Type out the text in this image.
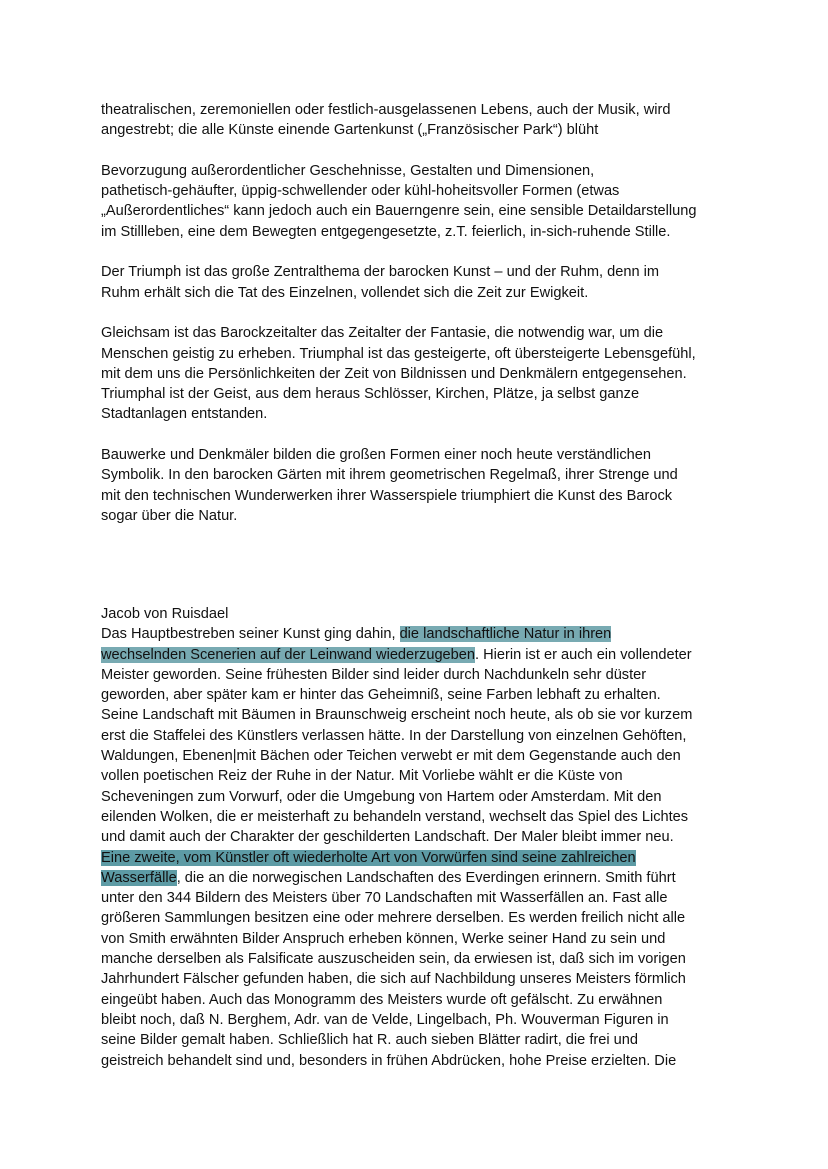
theatralischen, zeremoniellen oder festlich-ausgelassenen Lebens, auch der Musik, wird
angestrebt; die alle Künste einende Gartenkunst („Französischer Park“) blüht
Bevorzugung außerordentlicher Geschehnisse, Gestalten und Dimensionen,
pathetisch-gehäufter, üppig-schwellender oder kühl-hoheitsvoller Formen (etwas
„Außerordentliches“ kann jedoch auch ein Bauerngenre sein, eine sensible Detaildarstellung
im Stillleben, eine dem Bewegten entgegengesetzte, z.T. feierlich, in-sich-ruhende Stille.
Der Triumph ist das große Zentralthema der barocken Kunst – und der Ruhm, denn im
Ruhm erhält sich die Tat des Einzelnen, vollendet sich die Zeit zur Ewigkeit.
Gleichsam ist das Barockzeitalter das Zeitalter der Fantasie, die notwendig war, um die
Menschen geistig zu erheben. Triumphal ist das gesteigerte, oft übersteigerte Lebensgefühl,
mit dem uns die Persönlichkeiten der Zeit von Bildnissen und Denkmälern entgegensehen.
Triumphal ist der Geist, aus dem heraus Schlösser, Kirchen, Plätze, ja selbst ganze
Stadtanlagen entstanden.
Bauwerke und Denkmäler bilden die großen Formen einer noch heute verständlichen
Symbolik. In den barocken Gärten mit ihrem geometrischen Regelmaß, ihrer Strenge und
mit den technischen Wunderwerken ihrer Wasserspiele triumphiert die Kunst des Barock
sogar über die Natur.
Jacob von Ruisdael
Das Hauptbestreben seiner Kunst ging dahin, die landschaftliche Natur in ihren
wechselnden Scenerien auf der Leinwand wiederzugeben. Hierin ist er auch ein vollendeter
Meister geworden. Seine frühesten Bilder sind leider durch Nachdunkeln sehr düster
geworden, aber später kam er hinter das Geheimniß, seine Farben lebhaft zu erhalten.
Seine Landschaft mit Bäumen in Braunschweig erscheint noch heute, als ob sie vor kurzem
erst die Staffelei des Künstlers verlassen hätte. In der Darstellung von einzelnen Gehöften,
Waldungen, Ebenen|mit Bächen oder Teichen verwebt er mit dem Gegenstande auch den
vollen poetischen Reiz der Ruhe in der Natur. Mit Vorliebe wählt er die Küste von
Scheveningen zum Vorwurf, oder die Umgebung von Hartem oder Amsterdam. Mit den
eilenden Wolken, die er meisterhaft zu behandeln verstand, wechselt das Spiel des Lichtes
und damit auch der Charakter der geschilderten Landschaft. Der Maler bleibt immer neu.
Eine zweite, vom Künstler oft wiederholte Art von Vorwürfen sind seine zahlreichen
Wasserfälle, die an die norwegischen Landschaften des Everdingen erinnern. Smith führt
unter den 344 Bildern des Meisters über 70 Landschaften mit Wasserfällen an. Fast alle
größeren Sammlungen besitzen eine oder mehrere derselben. Es werden freilich nicht alle
von Smith erwähnten Bilder Anspruch erheben können, Werke seiner Hand zu sein und
manche derselben als Falsificate auszuscheiden sein, da erwiesen ist, daß sich im vorigen
Jahrhundert Fälscher gefunden haben, die sich auf Nachbildung unseres Meisters förmlich
eingeübt haben. Auch das Monogramm des Meisters wurde oft gefälscht. Zu erwähnen
bleibt noch, daß N. Berghem, Adr. van de Velde, Lingelbach, Ph. Wouverman Figuren in
seine Bilder gemalt haben. Schließlich hat R. auch sieben Blätter radirt, die frei und
geistreich behandelt sind und, besonders in frühen Abdrücken, hohe Preise erzielten. Die
